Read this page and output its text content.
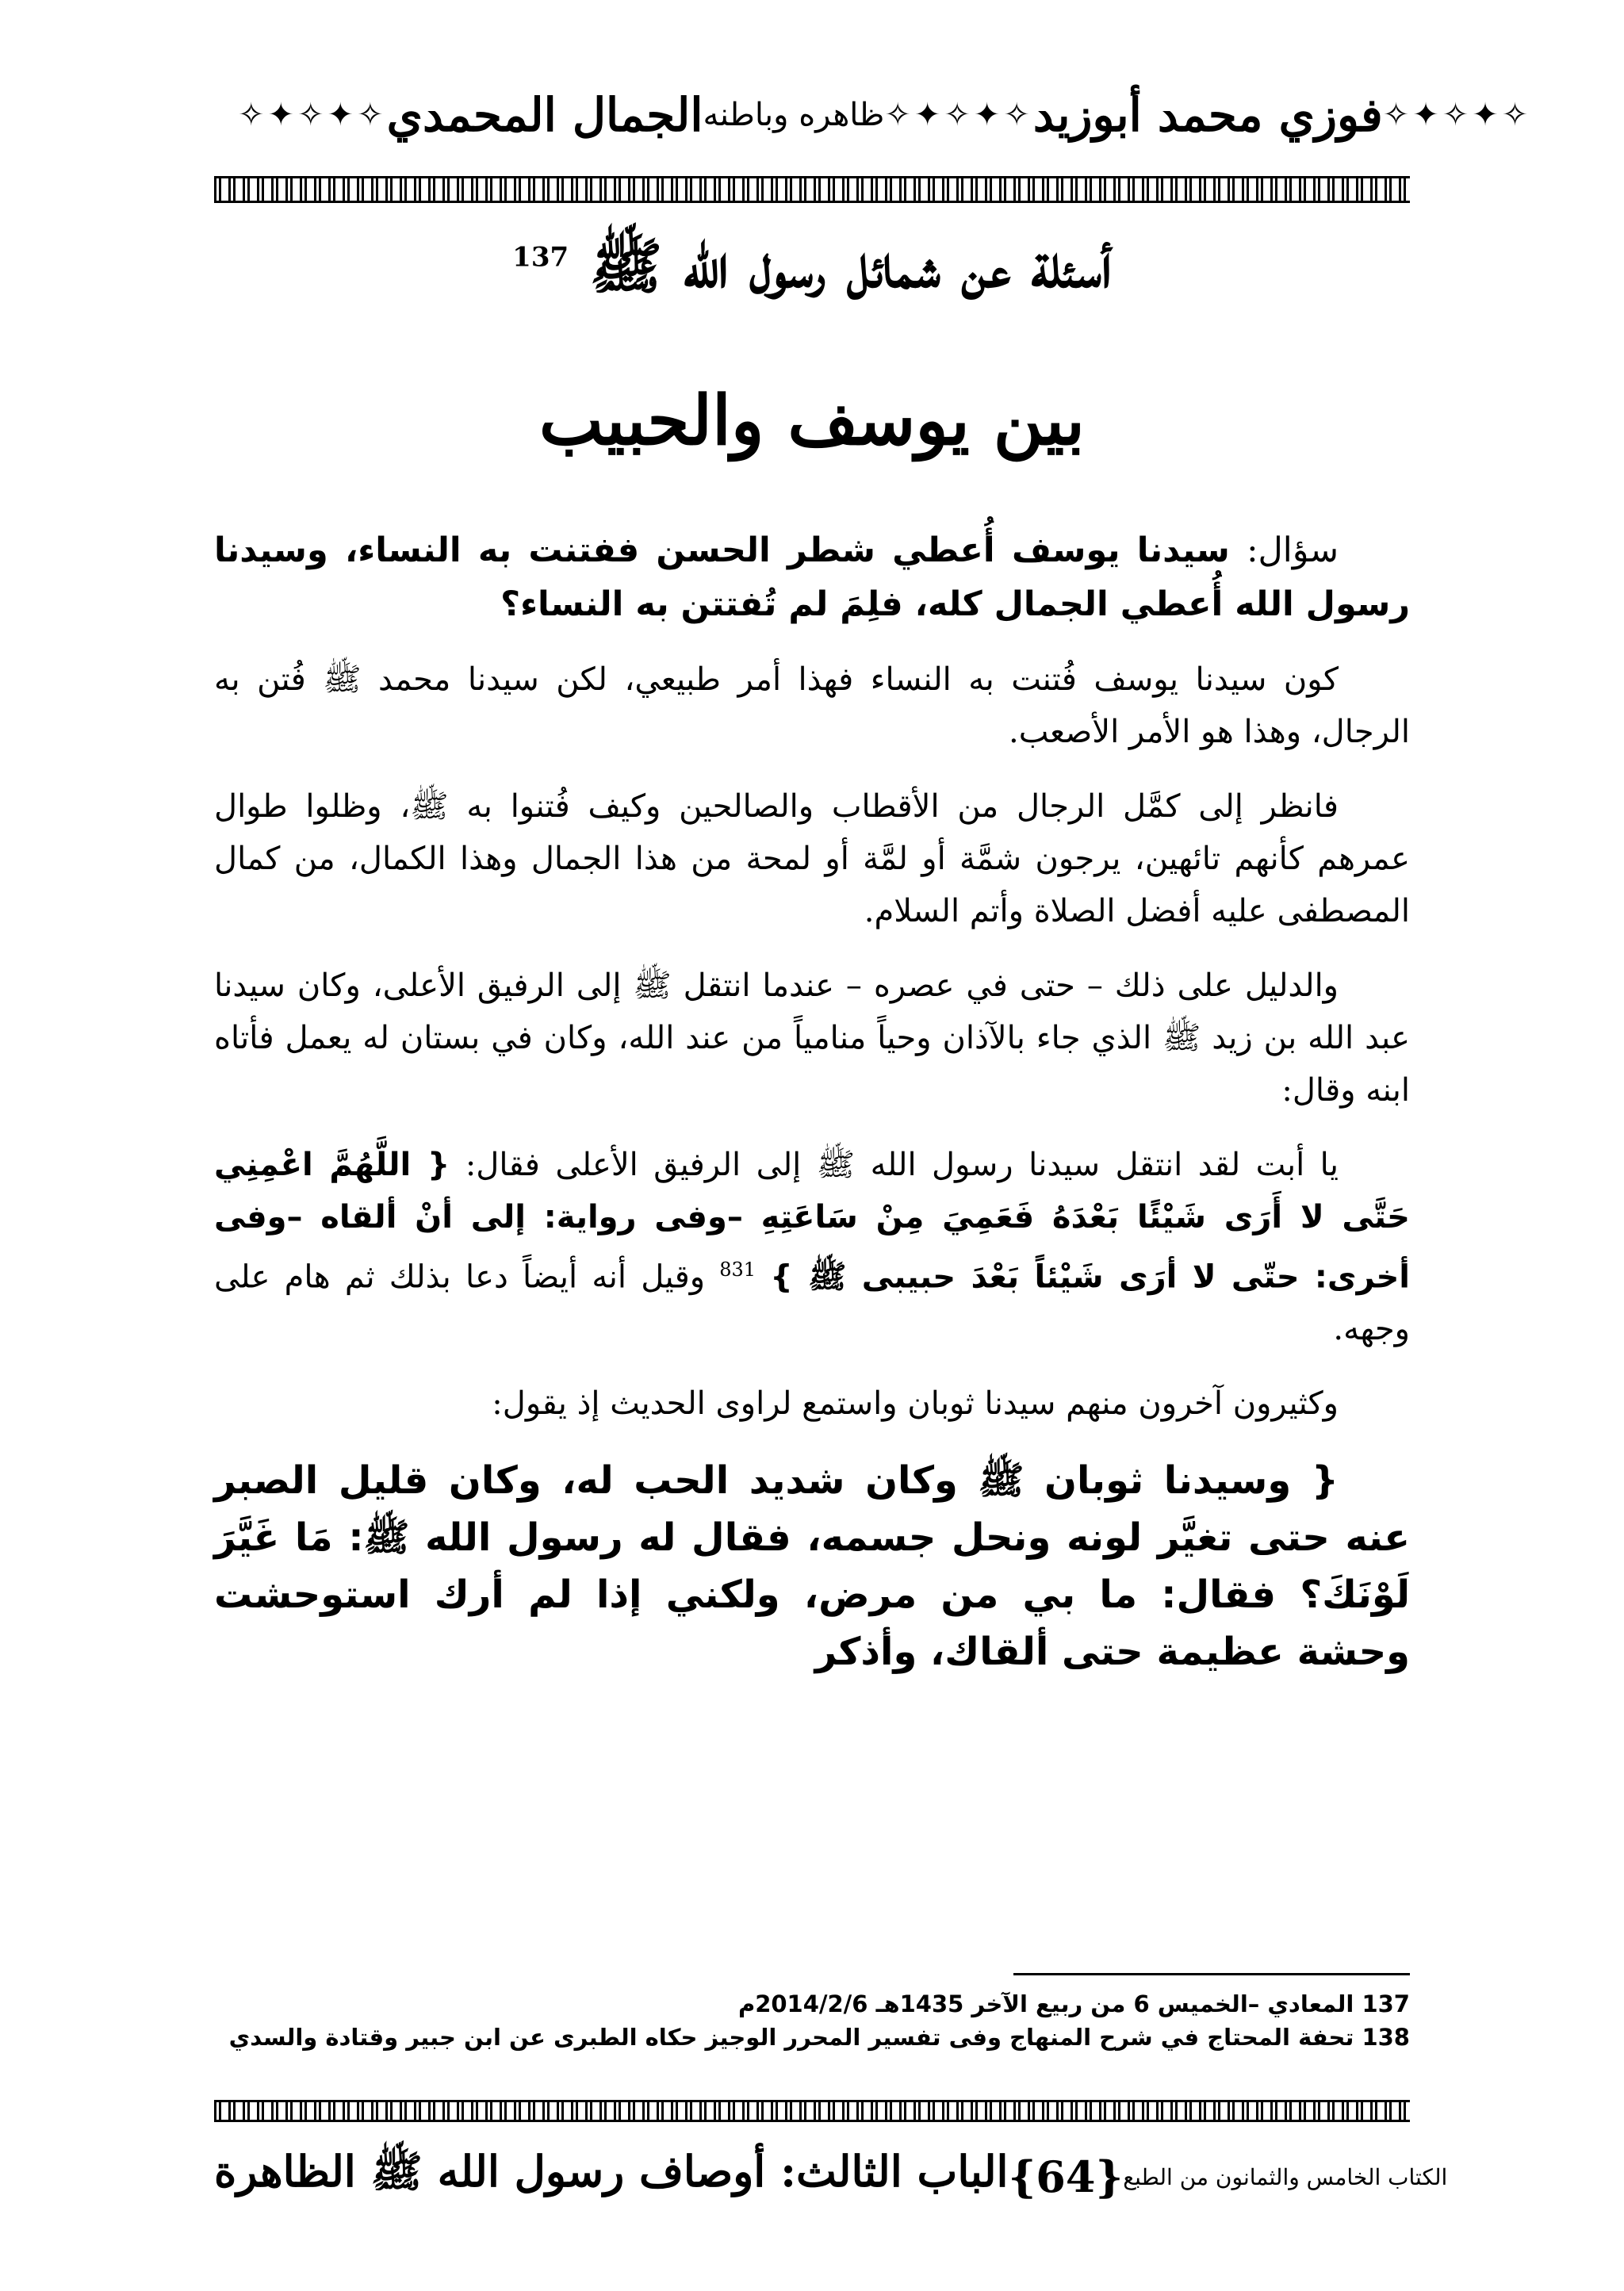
✧✦✧✦✧ الجمال المحمدي ظاهره وباطنه ✧✦✧✦✧ فوزي محمد أبوزيد ✧✦✧✦✧
أسئلة عن شمائل رسول الله ﷺ $^{137}$
بين يوسف والحبيب

سؤال: سيدنا يوسف أُعطي شطر الحسن ففتنت به النساء، وسيدنا رسول الله أُعطي الجمال كله، فلِمَ لم تُفتتن به النساء؟

كون سيدنا يوسف فُتنت به النساء فهذا أمر طبيعي، لكن سيدنا محمد ﷺ فُتن به الرجال، وهذا هو الأمر الأصعب.

فانظر إلى كمَّل الرجال من الأقطاب والصالحين وكيف فُتنوا به ﷺ، وظلوا طوال عمرهم كأنهم تائهين، يرجون شمَّة أو لمَّة أو لمحة من هذا الجمال وهذا الكمال، من كمال المصطفى عليه أفضل الصلاة وأتم السلام.

والدليل على ذلك – حتى في عصره – عندما انتقل ﷺ إلى الرفيق الأعلى، وكان سيدنا عبد الله بن زيد ﷺ الذي جاء بالآذان وحياً منامياً من عند الله، وكان في بستان له يعمل فأتاه ابنه وقال:

يا أبت لقد انتقل سيدنا رسول الله ﷺ إلى الرفيق الأعلى فقال: { اللَّهُمَّ اعْمِنِي حَتَّى لا أَرَى شَيْئًا بَعْدَهُ فَعَمِيَ مِنْ سَاعَتِهِ –وفى رواية: إلى أنْ ألقاه –وفى أخرى: حتّى لا أرَى شَيْئاً بَعْدَ حبيبى ﷺ } $^{831}$ وقيل أنه أيضاً دعا بذلك ثم هام على وجهه.

وكثيرون آخرون منهم سيدنا ثوبان واستمع لراوى الحديث إذ يقول:

{ وسيدنا ثوبان ﷺ وكان شديد الحب له، وكان قليل الصبر عنه حتى تغيَّر لونه ونحل جسمه، فقال له رسول الله ﷺ: مَا غَيَّرَ لَوْنَكَ؟ فقال: ما بي من مرض، ولكني إذا لم أرك استوحشت وحشة عظيمة حتى ألقاك، وأذكر

137 المعادي –الخميس 6 من ربيع الآخر 1435هـ 2014/2/6م
138 تحفة المحتاج في شرح المنهاج وفى تفسير المحرر الوجيز حكاه الطبرى عن ابن جبير وقتادة والسدي
الباب الثالث: أوصاف رسول الله ﷺ الظاهرة {64} الكتاب الخامس والثمانون من الطبع
